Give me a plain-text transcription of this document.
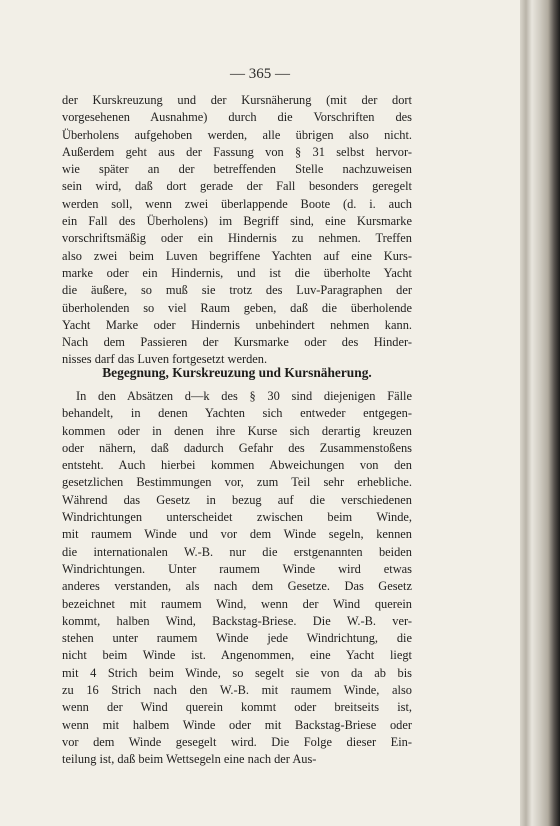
— 365 —
der Kurskreuzung und der Kursnäherung (mit der dort
vorgesehenen Ausnahme) durch die Vorschriften des
Überholens aufgehoben werden, alle übrigen also nicht.
Außerdem geht aus der Fassung von § 31 selbst hervor-
wie später an der betreffenden Stelle nachzuweisen
sein wird, daß dort gerade der Fall besonders geregelt
werden soll, wenn zwei überlappende Boote (d. i. auch
ein Fall des Überholens) im Begriff sind, eine Kursmarke
vorschriftsmäßig oder ein Hindernis zu nehmen. Treffen
also zwei beim Luven begriffene Yachten auf eine Kurs-
marke oder ein Hindernis, und ist die überholte Yacht
die äußere, so muß sie trotz des Luv-Paragraphen der
überholenden so viel Raum geben, daß die überholende
Yacht Marke oder Hindernis unbehindert nehmen kann.
Nach dem Passieren der Kursmarke oder des Hinder-
nisses darf das Luven fortgesetzt werden.
Begegnung, Kurskreuzung und Kursnäherung.
In den Absätzen d—k des § 30 sind diejenigen Fälle
behandelt, in denen Yachten sich entweder entgegen-
kommen oder in denen ihre Kurse sich derartig kreuzen
oder nähern, daß dadurch Gefahr des Zusammenstoßens
entsteht. Auch hierbei kommen Abweichungen von den
gesetzlichen Bestimmungen vor, zum Teil sehr erhebliche.
Während das Gesetz in bezug auf die verschiedenen
Windrichtungen unterscheidet zwischen beim Winde,
mit raumem Winde und vor dem Winde segeln, kennen
die internationalen W.-B. nur die erstgenannten beiden
Windrichtungen. Unter raumem Winde wird etwas
anderes verstanden, als nach dem Gesetze. Das Gesetz
bezeichnet mit raumem Wind, wenn der Wind querein
kommt, halben Wind, Backstag-Briese. Die W.-B. ver-
stehen unter raumem Winde jede Windrichtung, die
nicht beim Winde ist. Angenommen, eine Yacht liegt
mit 4 Strich beim Winde, so segelt sie von da ab bis
zu 16 Strich nach den W.-B. mit raumem Winde, also
wenn der Wind querein kommt oder breitseits ist,
wenn mit halbem Winde oder mit Backstag-Briese oder
vor dem Winde gesegelt wird. Die Folge dieser Ein-
teilung ist, daß beim Wettsegeln eine nach der Aus-
